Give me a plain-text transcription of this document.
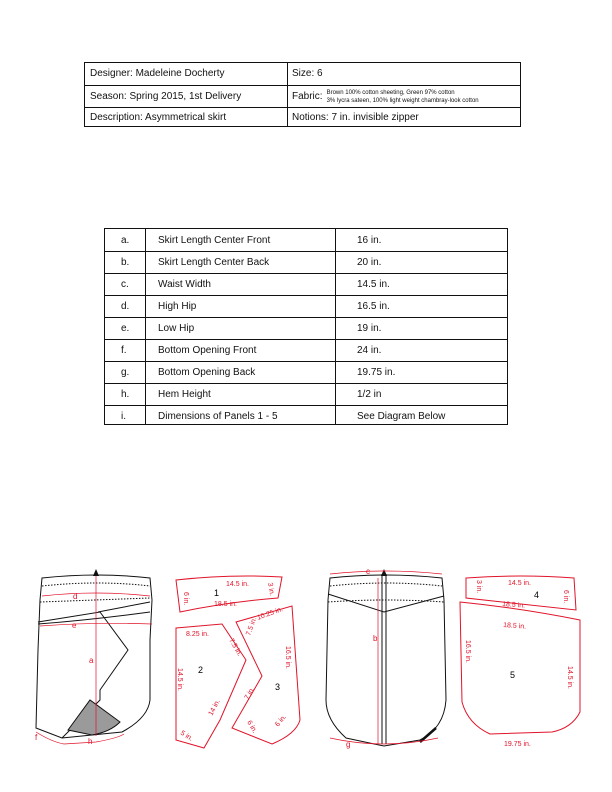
Designer: Madeleine Docherty	Size: 6
Season: Spring 2015, 1st Delivery	Fabric: Brown 100% cotton sheeting, Green 97% cotton
3% lycra sateen, 100% light weight chambray-look cotton
Description: Asymmetrical skirt	Notions: 7 in. invisible zipper
a.	Skirt Length Center Front	16 in.
b.	Skirt Length Center Back	20 in.
c.	Waist Width	14.5 in.
d.	High Hip	16.5 in.
e.	Low Hip	19 in.
f.	Bottom Opening Front	24 in.
g.	Bottom Opening Back	19.75 in.
h.	Hem Height	1/2 in
i.	Dimensions of Panels 1 - 5	See Diagram Below
d
e
a
f	h
1
14.5 in.
18.5 in.
6 in.
3 in.
2
8.25 in.
7.5 in.
14.5 in.
14 in.
5 in.
3
10.25 in.
7.5 in.
16.5 in.
7 in.
6 in. 6 in.
c
b
g
4
14.5 in.
18.5 in.
3 in.
6 in.
5
18.5 in.
16.5 in.
14.5 in.
19.75 in.
